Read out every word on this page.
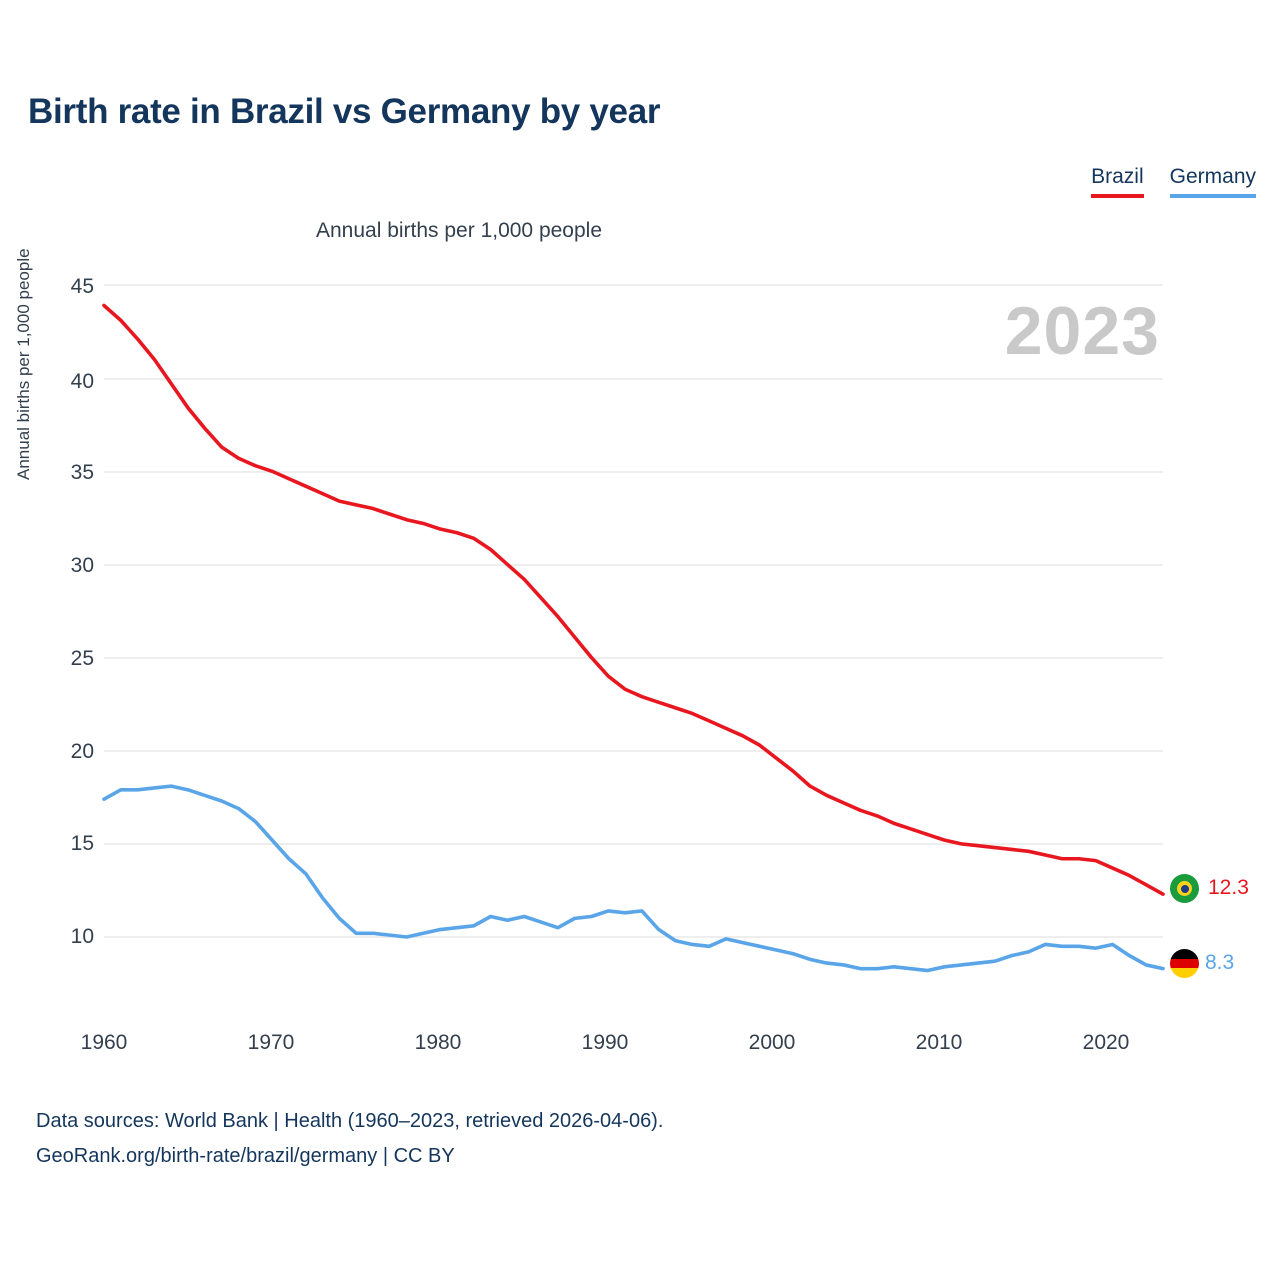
Birth rate in Brazil vs Germany by year
Brazil Germany
Annual births per 1,000 people
Annual births per 1,000 people	2023
45
40
35
30
25
20
15
10
1960	1970	1980	1990	2000	2010	2020
12.3
8.3
Data sources: World Bank | Health (1960–2023, retrieved 2026-04-06).
GeoRank.org/birth-rate/brazil/germany | CC BY
